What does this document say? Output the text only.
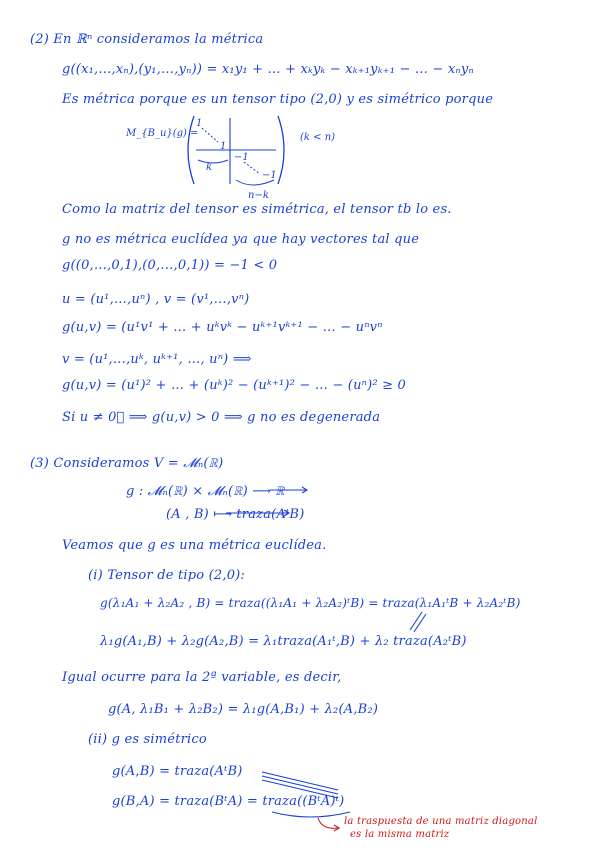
(2) En ℝⁿ consideramos la métrica
g((x₁,…,xₙ),(y₁,…,yₙ)) = x₁y₁ + … + xₖyₖ − xₖ₊₁yₖ₊₁ − … − xₙyₙ
Es métrica porque es un tensor tipo (2,0) y es simétrico porque
M_{B_u}(g) =
1
1
−1
−1
k
n−k
(k < n)
Como la matriz del tensor es simétrica, el tensor tb lo es.
g no es métrica euclídea ya que hay vectores tal que
g((0,…,0,1),(0,…,0,1)) = −1 < 0
u = (u¹,…,uⁿ) , v = (v¹,…,vⁿ)
g(u,v) = (u¹v¹ + … + uᵏvᵏ − uᵏ⁺¹vᵏ⁺¹ − … − uⁿvⁿ
v = (u¹,…,uᵏ, uᵏ⁺¹, …, uⁿ) ⟹
g(u,v) = (u¹)² + … + (uᵏ)² − (uᵏ⁺¹)² − … − (uⁿ)² ≥ 0
Si u ≠ 0⃗ ⟹ g(u,v) > 0 ⟹ g no es degenerada
(3) Consideramos V = 𝓜ₙ(ℝ)
g : 𝓜ₙ(ℝ) × 𝓜ₙ(ℝ) ⟶ ℝ
(A , B) ⟼ traza(AᵗB)
Veamos que g es una métrica euclídea.
(i) Tensor de tipo (2,0):
g(λ₁A₁ + λ₂A₂ , B) = traza((λ₁A₁ + λ₂A₂)ᵗB) = traza(λ₁A₁ᵗB + λ₂A₂ᵗB)
λ₁g(A₁,B) + λ₂g(A₂,B) = λ₁traza(A₁ᵗ,B) + λ₂ traza(A₂ᵗB)
Igual ocurre para la 2ª variable, es decir,
g(A, λ₁B₁ + λ₂B₂) = λ₁g(A,B₁) + λ₂(A,B₂)
(ii) g es simétrico
g(A,B) = traza(AᵗB)
g(B,A) = traza(BᵗA) = traza((BᵗA)ᵗ)
la traspuesta de una matriz diagonal
es la misma matriz
